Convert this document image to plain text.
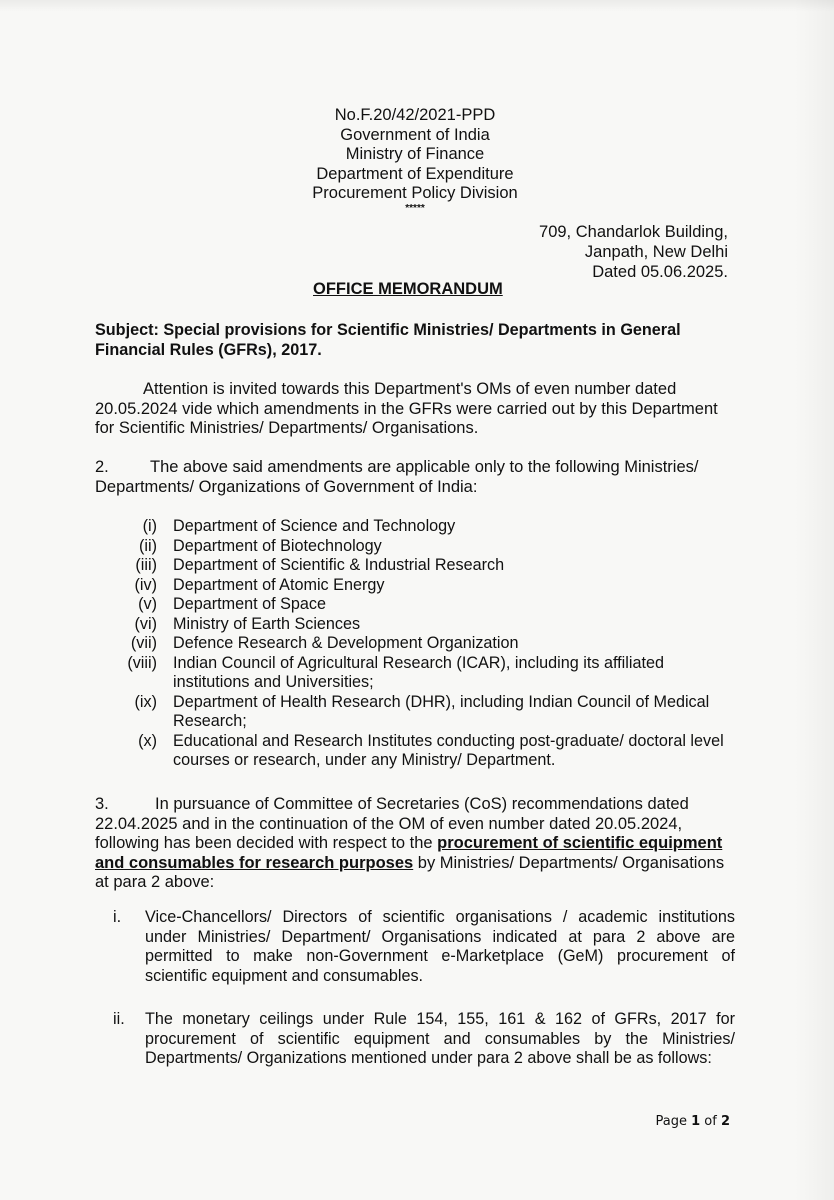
No.F.20/42/2021-PPD
Government of India
Ministry of Finance
Department of Expenditure
Procurement Policy Division
*****
709, Chandarlok Building,
Janpath, New Delhi
Dated 05.06.2025.
OFFICE MEMORANDUM
Subject: Special provisions for Scientific Ministries/ Departments in General Financial Rules (GFRs), 2017.
Attention is invited towards this Department's OMs of even number dated 20.05.2024 vide which amendments in the GFRs were carried out by this Department for Scientific Ministries/ Departments/ Organisations.
2. The above said amendments are applicable only to the following Ministries/ Departments/ Organizations of Government of India:
(i) Department of Science and Technology
(ii) Department of Biotechnology
(iii) Department of Scientific & Industrial Research
(iv) Department of Atomic Energy
(v) Department of Space
(vi) Ministry of Earth Sciences
(vii) Defence Research & Development Organization
(viii) Indian Council of Agricultural Research (ICAR), including its affiliated institutions and Universities;
(ix) Department of Health Research (DHR), including Indian Council of Medical Research;
(x) Educational and Research Institutes conducting post-graduate/ doctoral level courses or research, under any Ministry/ Department.
3.	In pursuance of Committee of Secretaries (CoS) recommendations dated 22.04.2025 and in the continuation of the OM of even number dated 20.05.2024, following has been decided with respect to the procurement of scientific equipment and consumables for research purposes by Ministries/ Departments/ Organisations at para 2 above:
i.	Vice-Chancellors/ Directors of scientific organisations / academic institutions under Ministries/ Department/ Organisations indicated at para 2 above are permitted to make non-Government e-Marketplace (GeM) procurement of scientific equipment and consumables.
ii.	The monetary ceilings under Rule 154, 155, 161 & 162 of GFRs, 2017 for procurement of scientific equipment and consumables by the Ministries/ Departments/ Organizations mentioned under para 2 above shall be as follows:
Page 1 of 2
